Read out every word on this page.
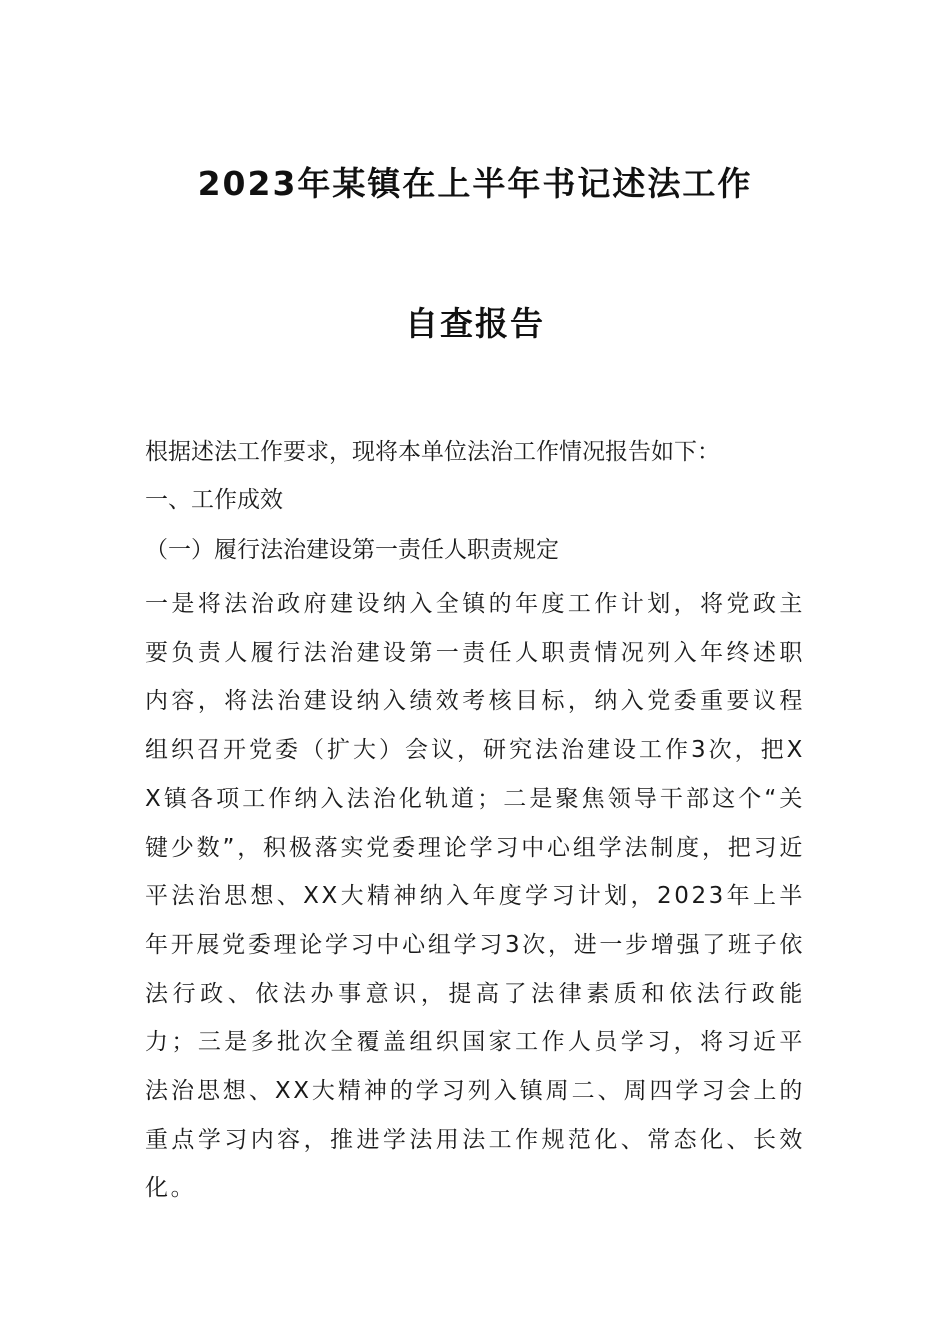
2023年某镇在上半年书记述法工作
自查报告
根据述法工作要求，现将本单位法治工作情况报告如下：
一、工作成效
（一）履行法治建设第一责任人职责规定
一是将法治政府建设纳入全镇的年度工作计划，将党政主要负责人履行法治建设第一责任人职责情况列入年终述职内容，将法治建设纳入绩效考核目标，纳入党委重要议程组织召开党委（扩大）会议，研究法治建设工作3次，把XX镇各项工作纳入法治化轨道；二是聚焦领导干部这个“关键少数”，积极落实党委理论学习中心组学法制度，把习近平法治思想、XX大精神纳入年度学习计划，2023年上半年开展党委理论学习中心组学习3次，进一步增强了班子依法行政、依法办事意识，提高了法律素质和依法行政能力；三是多批次全覆盖组织国家工作人员学习，将习近平法治思想、XX大精神的学习列入镇周二、周四学习会上的重点学习内容，推进学法用法工作规范化、常态化、长效化。
